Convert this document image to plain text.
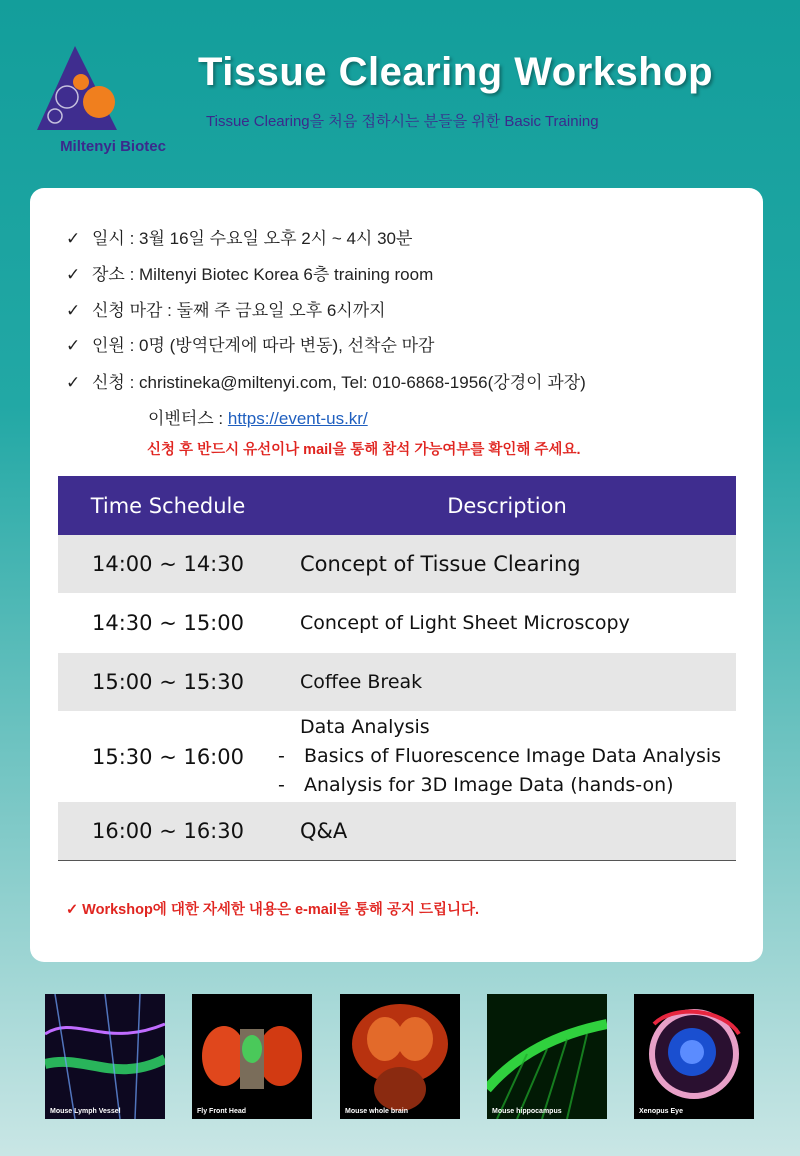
Miltenyi Biotec
Tissue Clearing Workshop

Tissue Clearing을 처음 접하시는 분들을 위한 Basic Training

✓ 일시 : 3월 16일 수요일 오후 2시 ~ 4시 30분
✓ 장소 : Miltenyi Biotec Korea 6층 training room
✓ 신청 마감 : 둘째 주 금요일 오후 6시까지
✓ 인원 : 0명 (방역단계에 따라 변동), 선착순 마감
✓ 신청 : christineka@miltenyi.com, Tel: 010-6868-1956(강경이 과장)
이벤터스 : https://event-us.kr/
신청 후 반드시 유선이나 mail을 통해 참석 가능여부를 확인해 주세요.
Time Schedule	Description
14:00 ~ 14:30	Concept of Tissue Clearing
14:30 ~ 15:00	Concept of Light Sheet Microscopy
15:00 ~ 15:30	Coffee Break
15:30 ~ 16:00	Data Analysis
- Basics of Fluorescence Image Data Analysis
- Analysis for 3D Image Data (hands-on)

16:00 ~ 16:30	Q&A
✓ Workshop에 대한 자세한 내용은 e-mail을 통해 공지 드립니다.
Mouse Lymph Vessel	Fly Front Head	Mouse whole brain	Mouse hippocampus	Xenopus Eye
